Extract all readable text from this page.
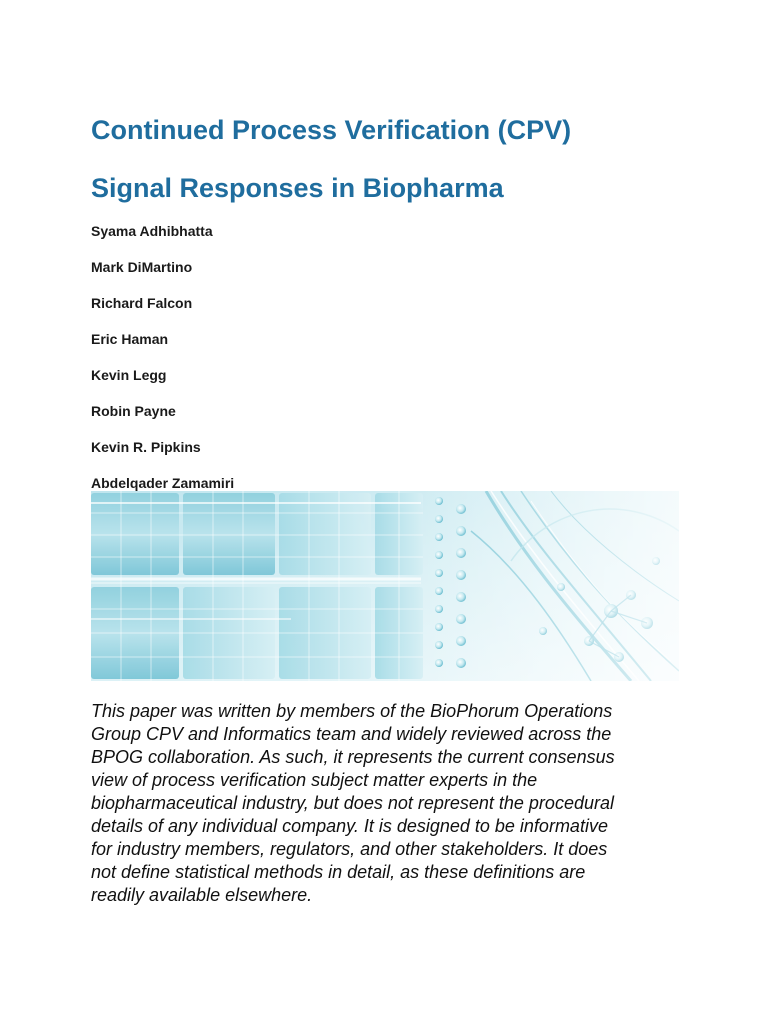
Continued Process Verification (CPV)
Signal Responses in Biopharma
Syama Adhibhatta
Mark DiMartino
Richard Falcon
Eric Haman
Kevin Legg
Robin Payne
Kevin R. Pipkins
Abdelqader Zamamiri

This paper was written by members of the BioPhorum Operations
Group CPV and Informatics team and widely reviewed across the
BPOG collaboration. As such, it represents the current consensus
view of process verification subject matter experts in the
biopharmaceutical industry, but does not represent the procedural
details of any individual company. It is designed to be informative
for industry members, regulators, and other stakeholders. It does
not define statistical methods in detail, as these definitions are
readily available elsewhere.
